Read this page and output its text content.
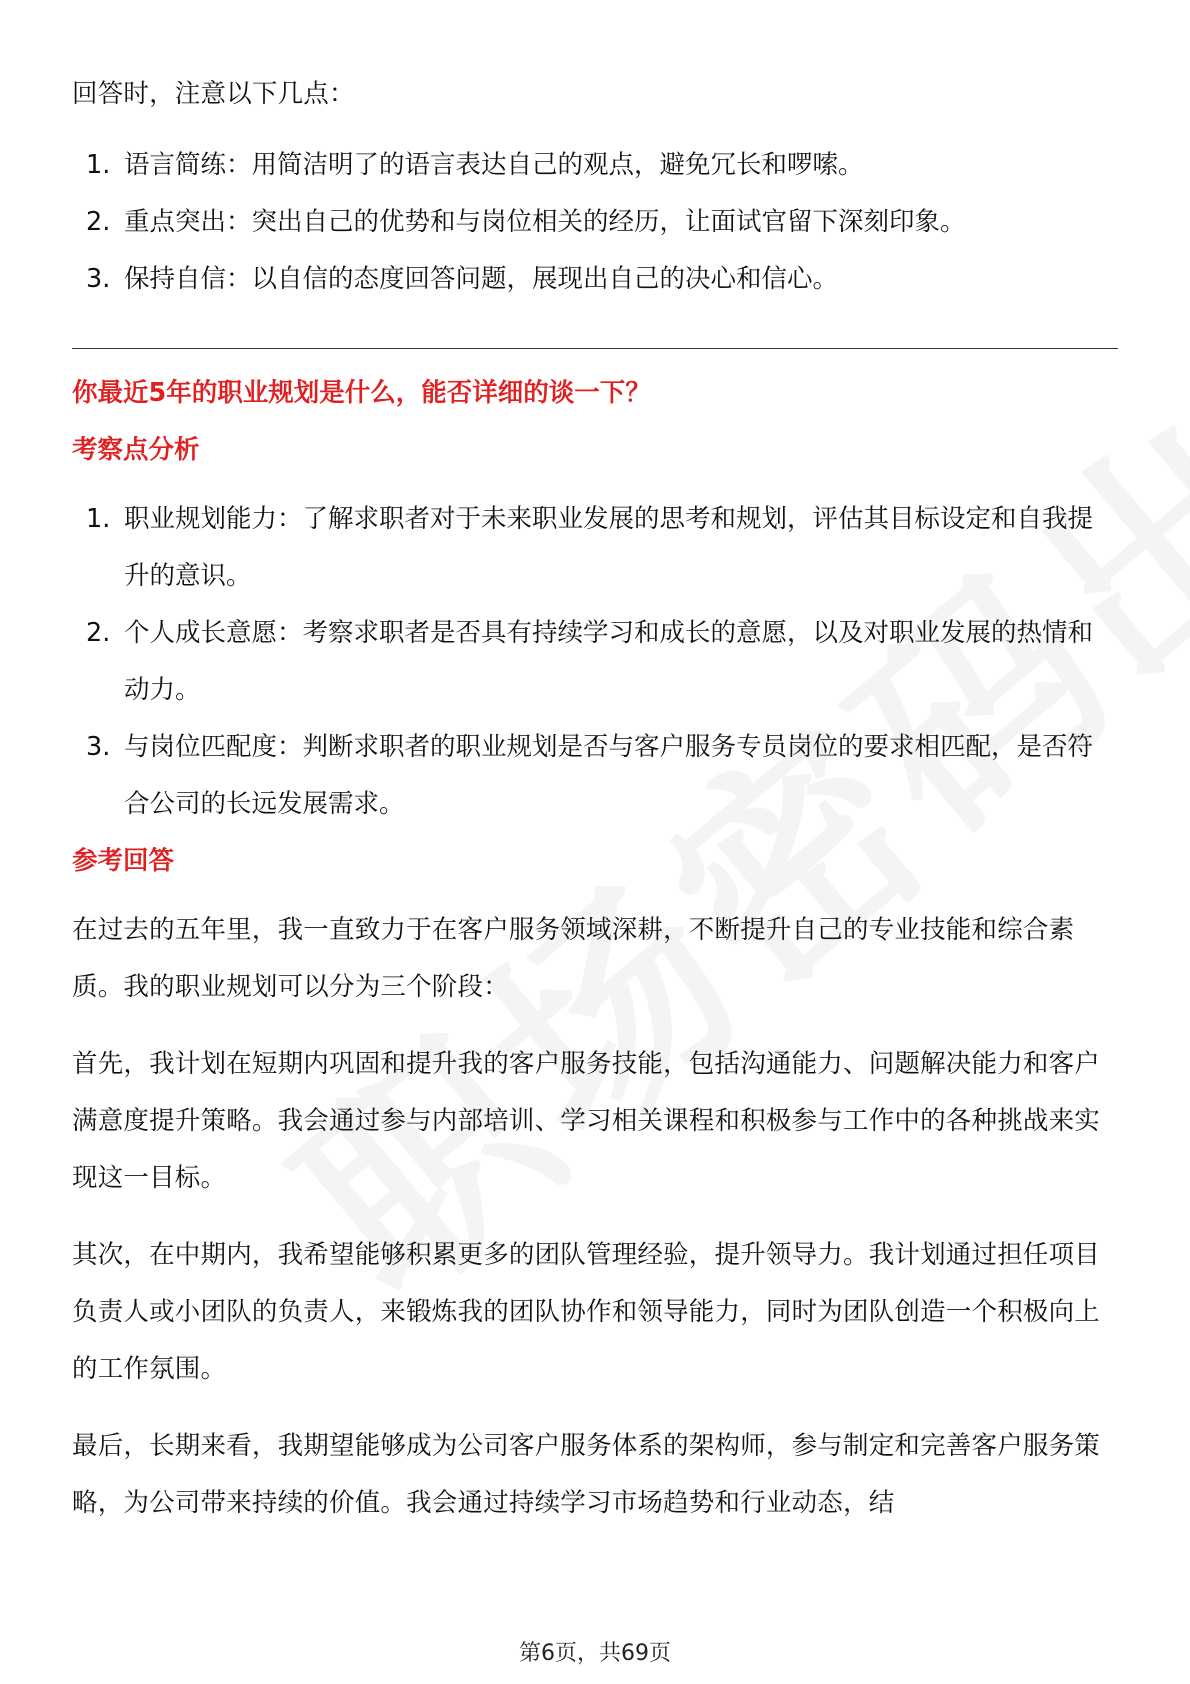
回答时，注意以下几点：

1. 语言简练：用简洁明了的语言表达自己的观点，避免冗长和啰嗦。
2. 重点突出：突出自己的优势和与岗位相关的经历，让面试官留下深刻印象。
3. 保持自信：以自信的态度回答问题，展现出自己的决心和信心。
你最近5年的职业规划是什么，能否详细的谈一下？
考察点分析
1. 职业规划能力：了解求职者对于未来职业发展的思考和规划，评估其目标设定和自我提升的意识。
2. 个人成长意愿：考察求职者是否具有持续学习和成长的意愿，以及对职业发展的热情和动力。
3. 与岗位匹配度：判断求职者的职业规划是否与客户服务专员岗位的要求相匹配，是否符合公司的长远发展需求。
参考回答

在过去的五年里，我一直致力于在客户服务领域深耕，不断提升自己的专业技能和综合素质。我的职业规划可以分为三个阶段：

首先，我计划在短期内巩固和提升我的客户服务技能，包括沟通能力、问题解决能力和客户满意度提升策略。我会通过参与内部培训、学习相关课程和积极参与工作中的各种挑战来实现这一目标。

其次，在中期内，我希望能够积累更多的团队管理经验，提升领导力。我计划通过担任项目负责人或小团队的负责人，来锻炼我的团队协作和领导能力，同时为团队创造一个积极向上的工作氛围。

最后，长期来看，我期望能够成为公司客户服务体系的架构师，参与制定和完善客户服务策略，为公司带来持续的价值。我会通过持续学习市场趋势和行业动态，结

第6页，共69页
